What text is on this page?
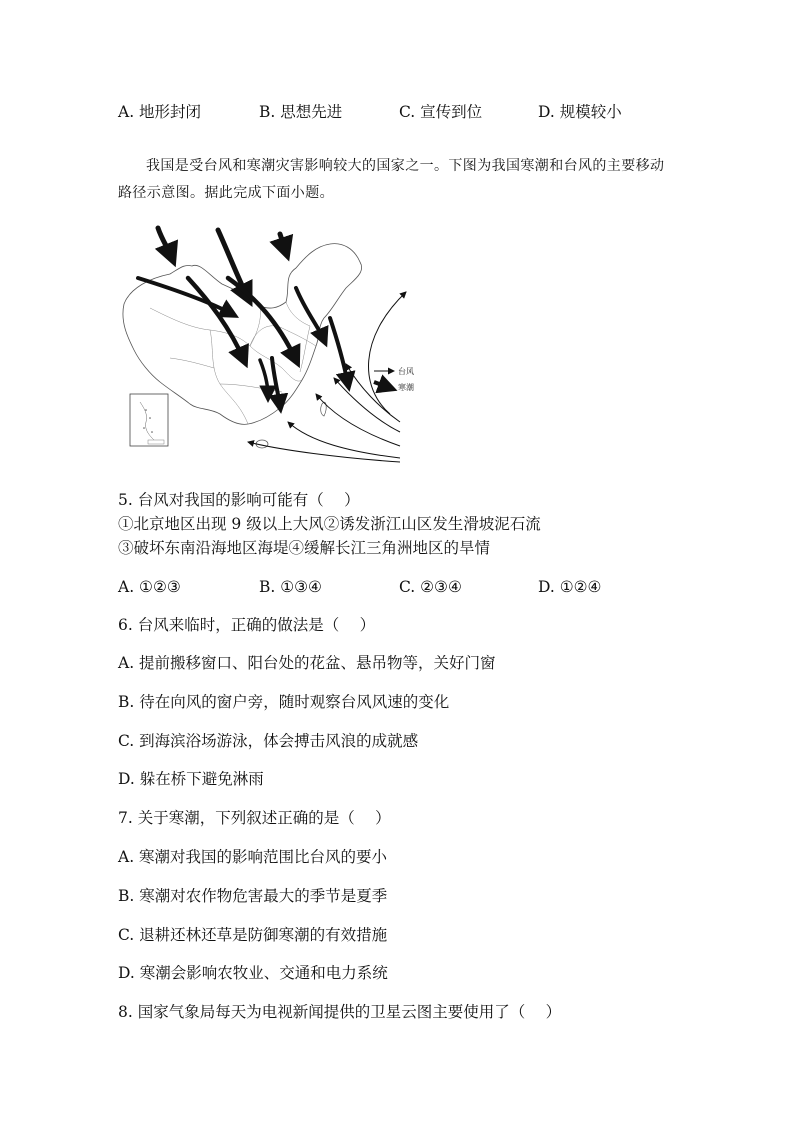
A. 地形封闭	B. 思想先进	C. 宣传到位	D. 规模较小
我国是受台风和寒潮灾害影响较大的国家之一。下图为我国寒潮和台风的主要移动路径示意图。据此完成下面小题。
台风
寒潮
5. 台风对我国的影响可能有（　 ）
①北京地区出现 9 级以上大风②诱发浙江山区发生滑坡泥石流
③破坏东南沿海地区海堤④缓解长江三角洲地区的旱情
A. ①②③	B. ①③④	C. ②③④	D. ①②④
6. 台风来临时，正确的做法是（　 ）
A. 提前搬移窗口、阳台处的花盆、悬吊物等，关好门窗
B. 待在向风的窗户旁，随时观察台风风速的变化
C. 到海滨浴场游泳，体会搏击风浪的成就感
D. 躲在桥下避免淋雨
7. 关于寒潮，下列叙述正确的是（　 ）
A. 寒潮对我国的影响范围比台风的要小
B. 寒潮对农作物危害最大的季节是夏季
C. 退耕还林还草是防御寒潮的有效措施
D. 寒潮会影响农牧业、交通和电力系统
8. 国家气象局每天为电视新闻提供的卫星云图主要使用了（　 ）
